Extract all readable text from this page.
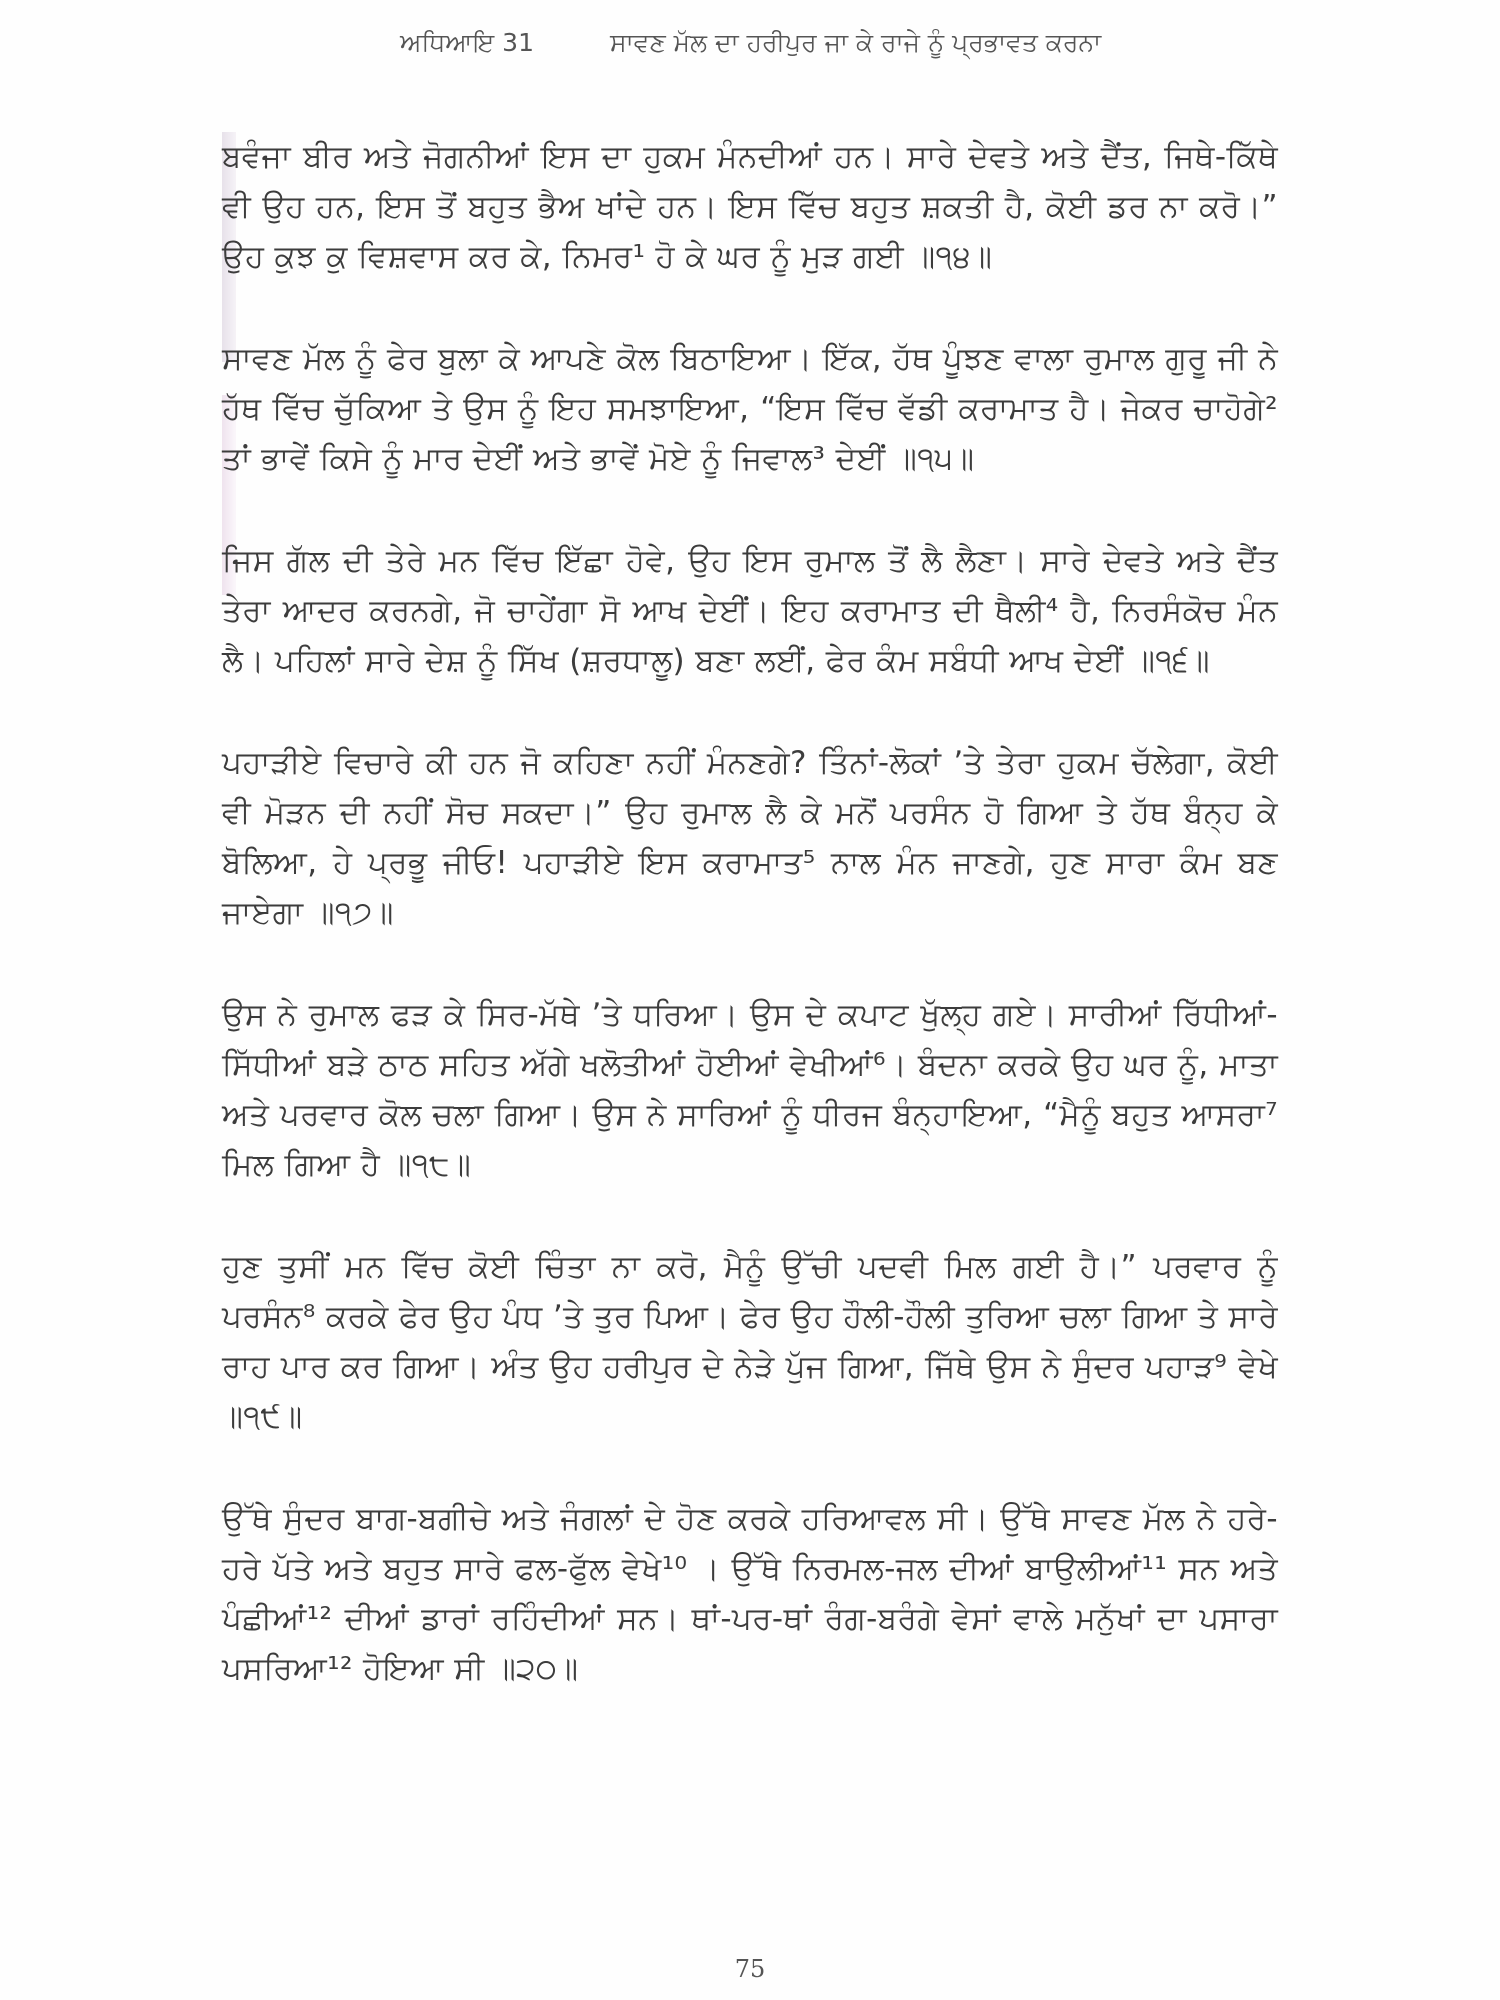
ਅਧਿਆਇ 31	ਸਾਵਣ ਮੱਲ ਦਾ ਹਰੀਪੁਰ ਜਾ ਕੇ ਰਾਜੇ ਨੂੰ ਪ੍ਰਭਾਵਤ ਕਰਨਾ

ਬਵੰਜਾ ਬੀਰ ਅਤੇ ਜੋਗਨੀਆਂ ਇਸ ਦਾ ਹੁਕਮ ਮੰਨਦੀਆਂ ਹਨ। ਸਾਰੇ ਦੇਵਤੇ ਅਤੇ ਦੈਂਤ, ਜਿਥੇ-ਕਿੱਥੇ ਵੀ ਉਹ ਹਨ, ਇਸ ਤੋਂ ਬਹੁਤ ਭੈਅ ਖਾਂਦੇ ਹਨ। ਇਸ ਵਿੱਚ ਬਹੁਤ ਸ਼ਕਤੀ ਹੈ, ਕੋਈ ਡਰ ਨਾ ਕਰੋ।” ਉਹ ਕੁਝ ਕੁ ਵਿਸ਼ਵਾਸ ਕਰ ਕੇ, ਨਿਮਰ¹ ਹੋ ਕੇ ਘਰ ਨੂੰ ਮੁੜ ਗਈ ॥੧੪॥

ਸਾਵਣ ਮੱਲ ਨੂੰ ਫੇਰ ਬੁਲਾ ਕੇ ਆਪਣੇ ਕੋਲ ਬਿਠਾਇਆ। ਇੱਕ, ਹੱਥ ਪੂੰਝਣ ਵਾਲਾ ਰੁਮਾਲ ਗੁਰੂ ਜੀ ਨੇ ਹੱਥ ਵਿੱਚ ਚੁੱਕਿਆ ਤੇ ਉਸ ਨੂੰ ਇਹ ਸਮਝਾਇਆ, “ਇਸ ਵਿੱਚ ਵੱਡੀ ਕਰਾਮਾਤ ਹੈ। ਜੇਕਰ ਚਾਹੋਗੇ² ਤਾਂ ਭਾਵੇਂ ਕਿਸੇ ਨੂੰ ਮਾਰ ਦੇਈਂ ਅਤੇ ਭਾਵੇਂ ਮੋਏ ਨੂੰ ਜਿਵਾਲ³ ਦੇਈਂ ॥੧੫॥

ਜਿਸ ਗੱਲ ਦੀ ਤੇਰੇ ਮਨ ਵਿੱਚ ਇੱਛਾ ਹੋਵੇ, ਉਹ ਇਸ ਰੁਮਾਲ ਤੋਂ ਲੈ ਲੈਣਾ। ਸਾਰੇ ਦੇਵਤੇ ਅਤੇ ਦੈਂਤ ਤੇਰਾ ਆਦਰ ਕਰਨਗੇ, ਜੋ ਚਾਹੇਂਗਾ ਸੋ ਆਖ ਦੇਈਂ। ਇਹ ਕਰਾਮਾਤ ਦੀ ਥੈਲੀ⁴ ਹੈ, ਨਿਰਸੰਕੋਚ ਮੰਨ ਲੈ। ਪਹਿਲਾਂ ਸਾਰੇ ਦੇਸ਼ ਨੂੰ ਸਿੱਖ (ਸ਼ਰਧਾਲੂ) ਬਣਾ ਲਈਂ, ਫੇਰ ਕੰਮ ਸਬੰਧੀ ਆਖ ਦੇਈਂ ॥੧੬॥

ਪਹਾੜੀਏ ਵਿਚਾਰੇ ਕੀ ਹਨ ਜੋ ਕਹਿਣਾ ਨਹੀਂ ਮੰਨਣਗੇ? ਤਿੰਨਾਂ-ਲੋਕਾਂ ’ਤੇ ਤੇਰਾ ਹੁਕਮ ਚੱਲੇਗਾ, ਕੋਈ ਵੀ ਮੋੜਨ ਦੀ ਨਹੀਂ ਸੋਚ ਸਕਦਾ।” ਉਹ ਰੁਮਾਲ ਲੈ ਕੇ ਮਨੋਂ ਪਰਸੰਨ ਹੋ ਗਿਆ ਤੇ ਹੱਥ ਬੰਨ੍ਹ ਕੇ ਬੋਲਿਆ, ਹੇ ਪ੍ਰਭੂ ਜੀਓ! ਪਹਾੜੀਏ ਇਸ ਕਰਾਮਾਤ⁵ ਨਾਲ ਮੰਨ ਜਾਣਗੇ, ਹੁਣ ਸਾਰਾ ਕੰਮ ਬਣ ਜਾਏਗਾ ॥੧੭॥

ਉਸ ਨੇ ਰੁਮਾਲ ਫੜ ਕੇ ਸਿਰ-ਮੱਥੇ ’ਤੇ ਧਰਿਆ। ਉਸ ਦੇ ਕਪਾਟ ਖੁੱਲ੍ਹ ਗਏ। ਸਾਰੀਆਂ ਰਿੱਧੀਆਂ-ਸਿੱਧੀਆਂ ਬੜੇ ਠਾਠ ਸਹਿਤ ਅੱਗੇ ਖਲੋਤੀਆਂ ਹੋਈਆਂ ਵੇਖੀਆਂ⁶। ਬੰਦਨਾ ਕਰਕੇ ਉਹ ਘਰ ਨੂੰ, ਮਾਤਾ ਅਤੇ ਪਰਵਾਰ ਕੋਲ ਚਲਾ ਗਿਆ। ਉਸ ਨੇ ਸਾਰਿਆਂ ਨੂੰ ਧੀਰਜ ਬੰਨ੍ਹਾਇਆ, “ਮੈਨੂੰ ਬਹੁਤ ਆਸਰਾ⁷ ਮਿਲ ਗਿਆ ਹੈ ॥੧੮॥

ਹੁਣ ਤੁਸੀਂ ਮਨ ਵਿੱਚ ਕੋਈ ਚਿੰਤਾ ਨਾ ਕਰੋ, ਮੈਨੂੰ ਉੱਚੀ ਪਦਵੀ ਮਿਲ ਗਈ ਹੈ।” ਪਰਵਾਰ ਨੂੰ ਪਰਸੰਨ⁸ ਕਰਕੇ ਫੇਰ ਉਹ ਪੰਧ ’ਤੇ ਤੁਰ ਪਿਆ। ਫੇਰ ਉਹ ਹੌਲੀ-ਹੌਲੀ ਤੁਰਿਆ ਚਲਾ ਗਿਆ ਤੇ ਸਾਰੇ ਰਾਹ ਪਾਰ ਕਰ ਗਿਆ। ਅੰਤ ਉਹ ਹਰੀਪੁਰ ਦੇ ਨੇੜੇ ਪੁੱਜ ਗਿਆ, ਜਿੱਥੇ ਉਸ ਨੇ ਸੁੰਦਰ ਪਹਾੜ⁹ ਵੇਖੇ ॥੧੯॥

ਉੱਥੇ ਸੁੰਦਰ ਬਾਗ-ਬਗੀਚੇ ਅਤੇ ਜੰਗਲਾਂ ਦੇ ਹੋਣ ਕਰਕੇ ਹਰਿਆਵਲ ਸੀ। ਉੱਥੇ ਸਾਵਣ ਮੱਲ ਨੇ ਹਰੇ-ਹਰੇ ਪੱਤੇ ਅਤੇ ਬਹੁਤ ਸਾਰੇ ਫਲ-ਫੁੱਲ ਵੇਖੇ¹⁰ । ਉੱਥੇ ਨਿਰਮਲ-ਜਲ ਦੀਆਂ ਬਾਉਲੀਆਂ¹¹ ਸਨ ਅਤੇ ਪੰਛੀਆਂ¹² ਦੀਆਂ ਡਾਰਾਂ ਰਹਿੰਦੀਆਂ ਸਨ। ਥਾਂ-ਪਰ-ਥਾਂ ਰੰਗ-ਬਰੰਗੇ ਵੇਸਾਂ ਵਾਲੇ ਮਨੁੱਖਾਂ ਦਾ ਪਸਾਰਾ ਪਸਰਿਆ¹² ਹੋਇਆ ਸੀ ॥੨੦॥

75
